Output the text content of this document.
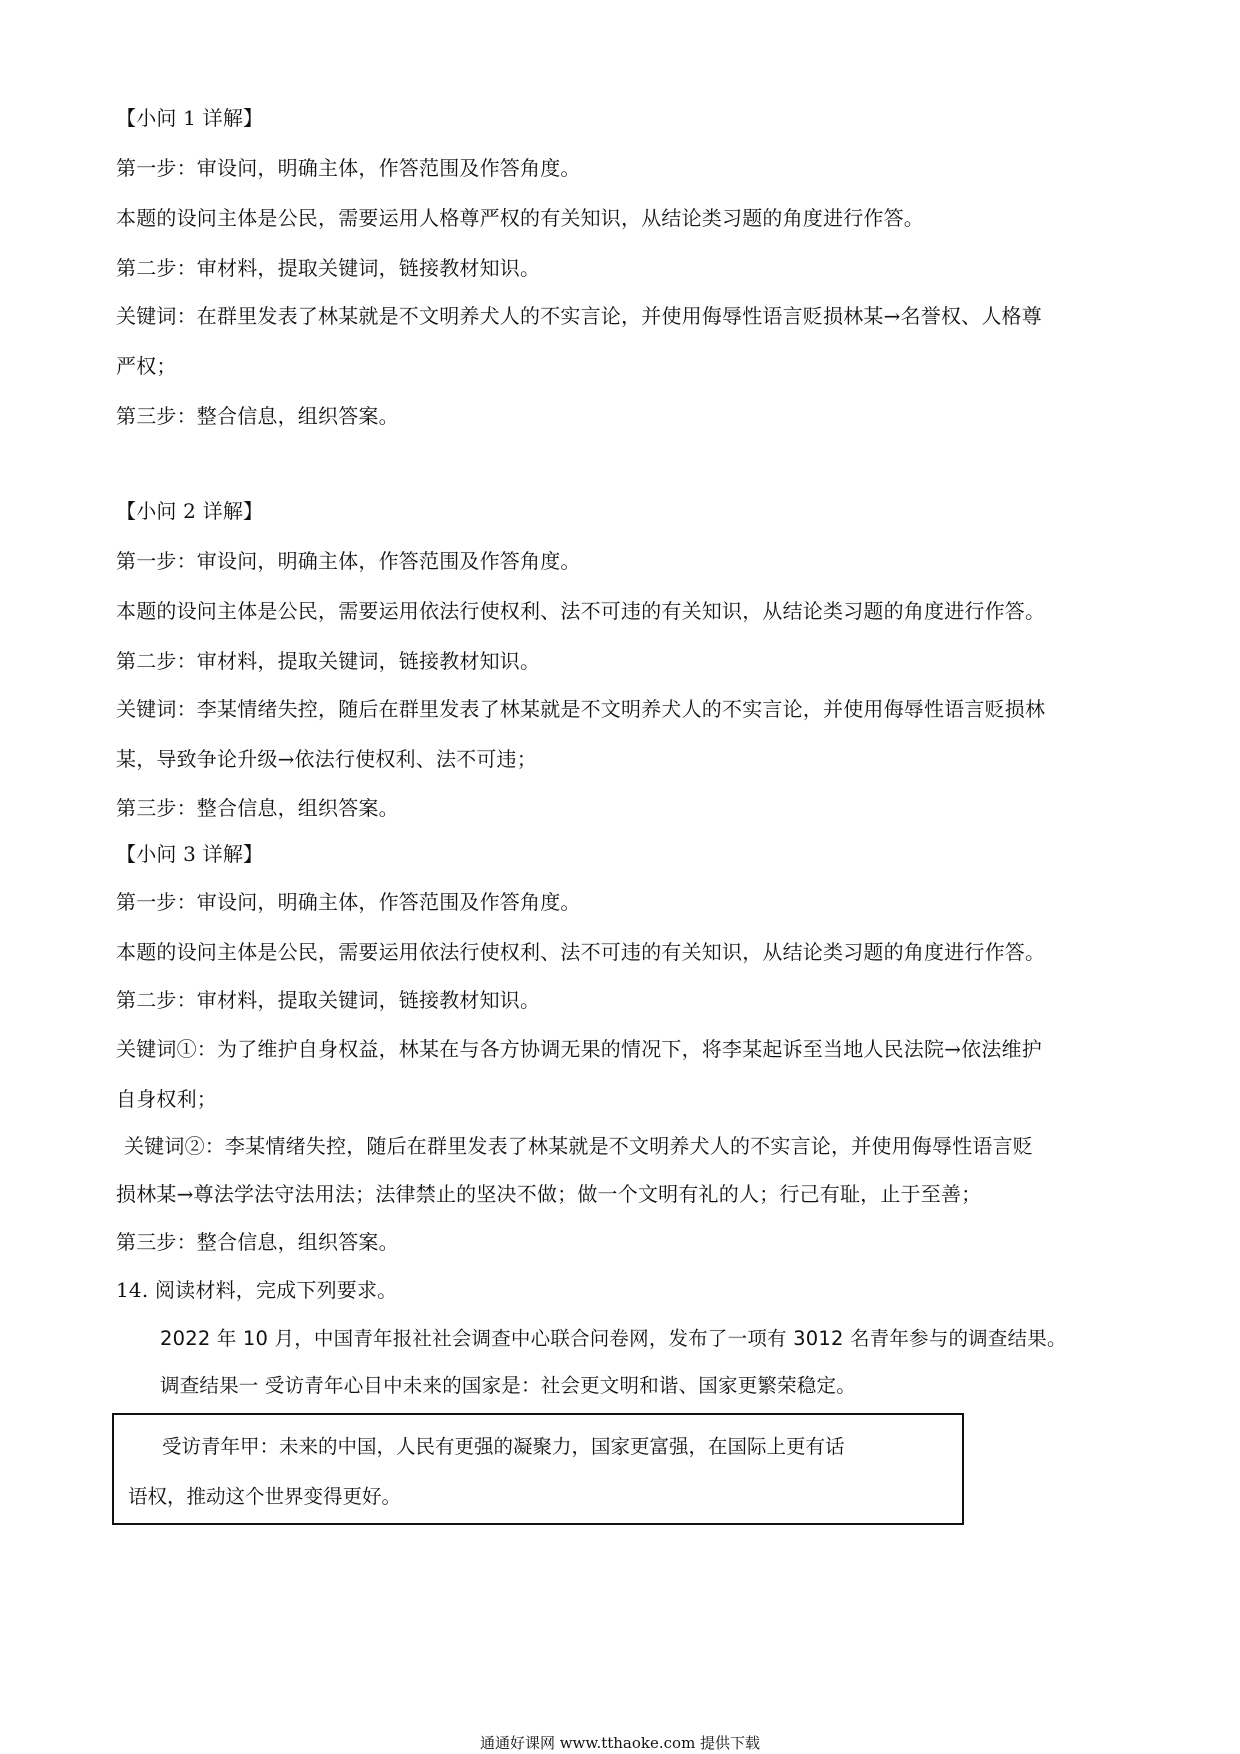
【小问 1 详解】
第一步：审设问，明确主体，作答范围及作答角度。
本题的设问主体是公民，需要运用人格尊严权的有关知识，从结论类习题的角度进行作答。
第二步：审材料，提取关键词，链接教材知识。
关键词：在群里发表了林某就是不文明养犬人的不实言论，并使用侮辱性语言贬损林某→名誉权、人格尊
严权；
第三步：整合信息，组织答案。
【小问 2 详解】
第一步：审设问，明确主体，作答范围及作答角度。
本题的设问主体是公民，需要运用依法行使权利、法不可违的有关知识，从结论类习题的角度进行作答。
第二步：审材料，提取关键词，链接教材知识。
关键词：李某情绪失控，随后在群里发表了林某就是不文明养犬人的不实言论，并使用侮辱性语言贬损林
某，导致争论升级→依法行使权利、法不可违；
第三步：整合信息，组织答案。
【小问 3 详解】
第一步：审设问，明确主体，作答范围及作答角度。
本题的设问主体是公民，需要运用依法行使权利、法不可违的有关知识，从结论类习题的角度进行作答。
第二步：审材料，提取关键词，链接教材知识。
关键词①：为了维护自身权益，林某在与各方协调无果的情况下，将李某起诉至当地人民法院→依法维护
自身权利；
关键词②：李某情绪失控，随后在群里发表了林某就是不文明养犬人的不实言论，并使用侮辱性语言贬
损林某→尊法学法守法用法；法律禁止的坚决不做；做一个文明有礼的人；行己有耻，止于至善；
第三步：整合信息，组织答案。
14. 阅读材料，完成下列要求。
2022 年 10 月，中国青年报社社会调查中心联合问卷网，发布了一项有 3012 名青年参与的调查结果。
调查结果一 受访青年心目中未来的国家是：社会更文明和谐、国家更繁荣稳定。
受访青年甲：未来的中国，人民有更强的凝聚力，国家更富强，在国际上更有话
语权，推动这个世界变得更好。
通通好课网 www.tthaoke.com 提供下载
